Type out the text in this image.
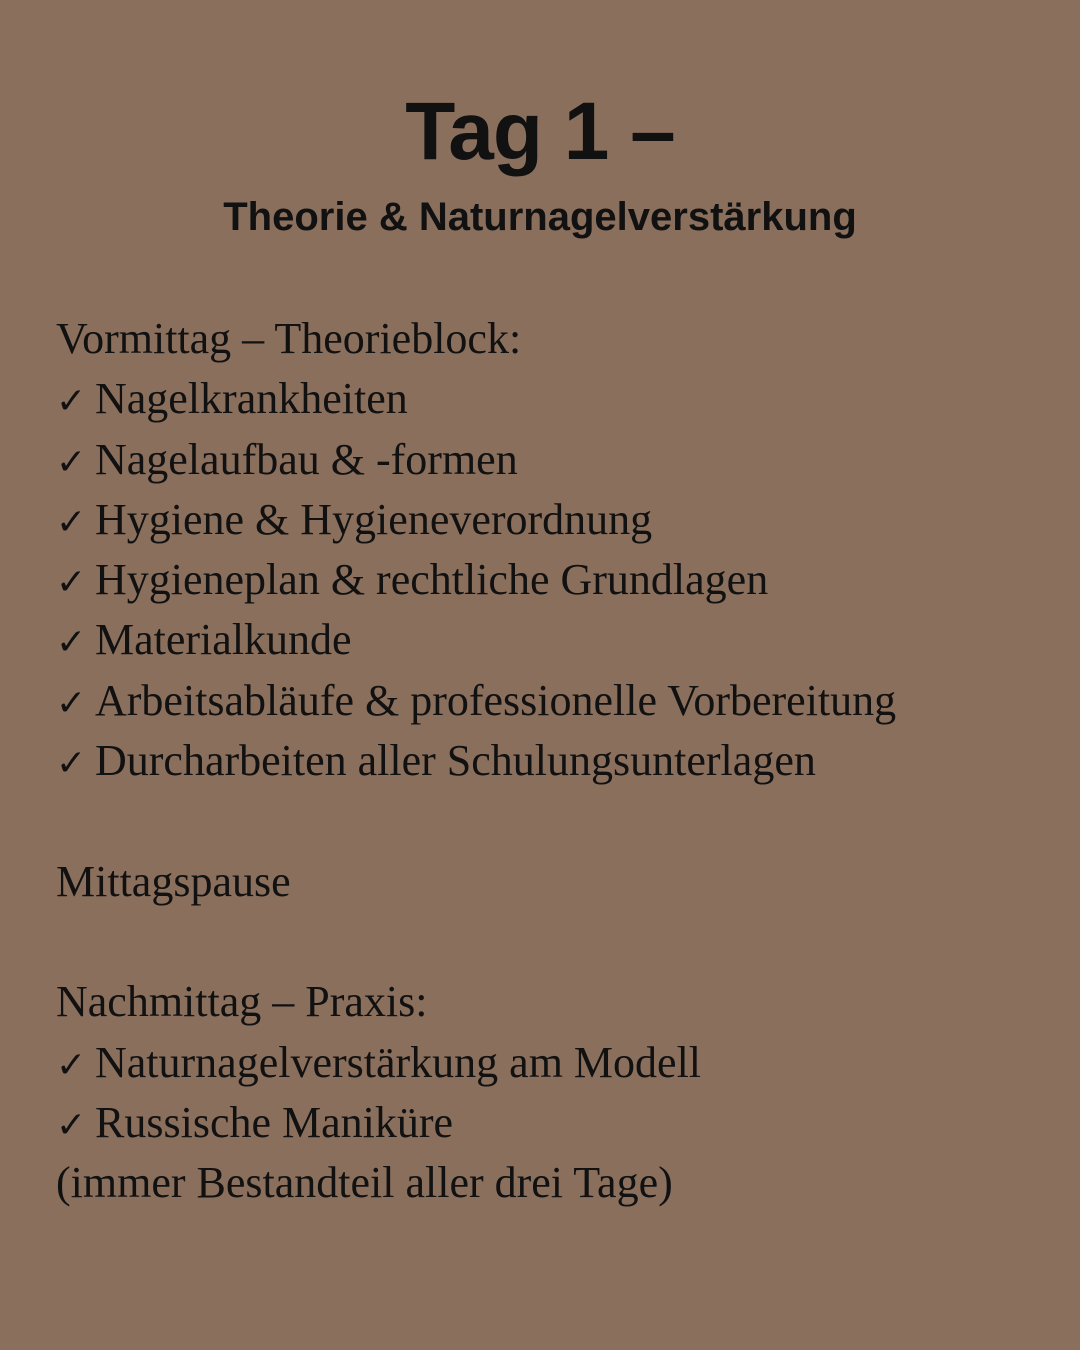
Tag 1 –
Theorie & Naturnagelverstärkung
Vormittag – Theorieblock:
✓ Nagelkrankheiten
✓ Nagelaufbau & -formen
✓ Hygiene & Hygieneverordnung
✓ Hygieneplan & rechtliche Grundlagen
✓ Materialkunde
✓ Arbeitsabläufe & professionelle Vorbereitung
✓ Durcharbeiten aller Schulungsunterlagen
Mittagspause
Nachmittag – Praxis:
✓ Naturnagelverstärkung am Modell
✓ Russische Maniküre
(immer Bestandteil aller drei Tage)
